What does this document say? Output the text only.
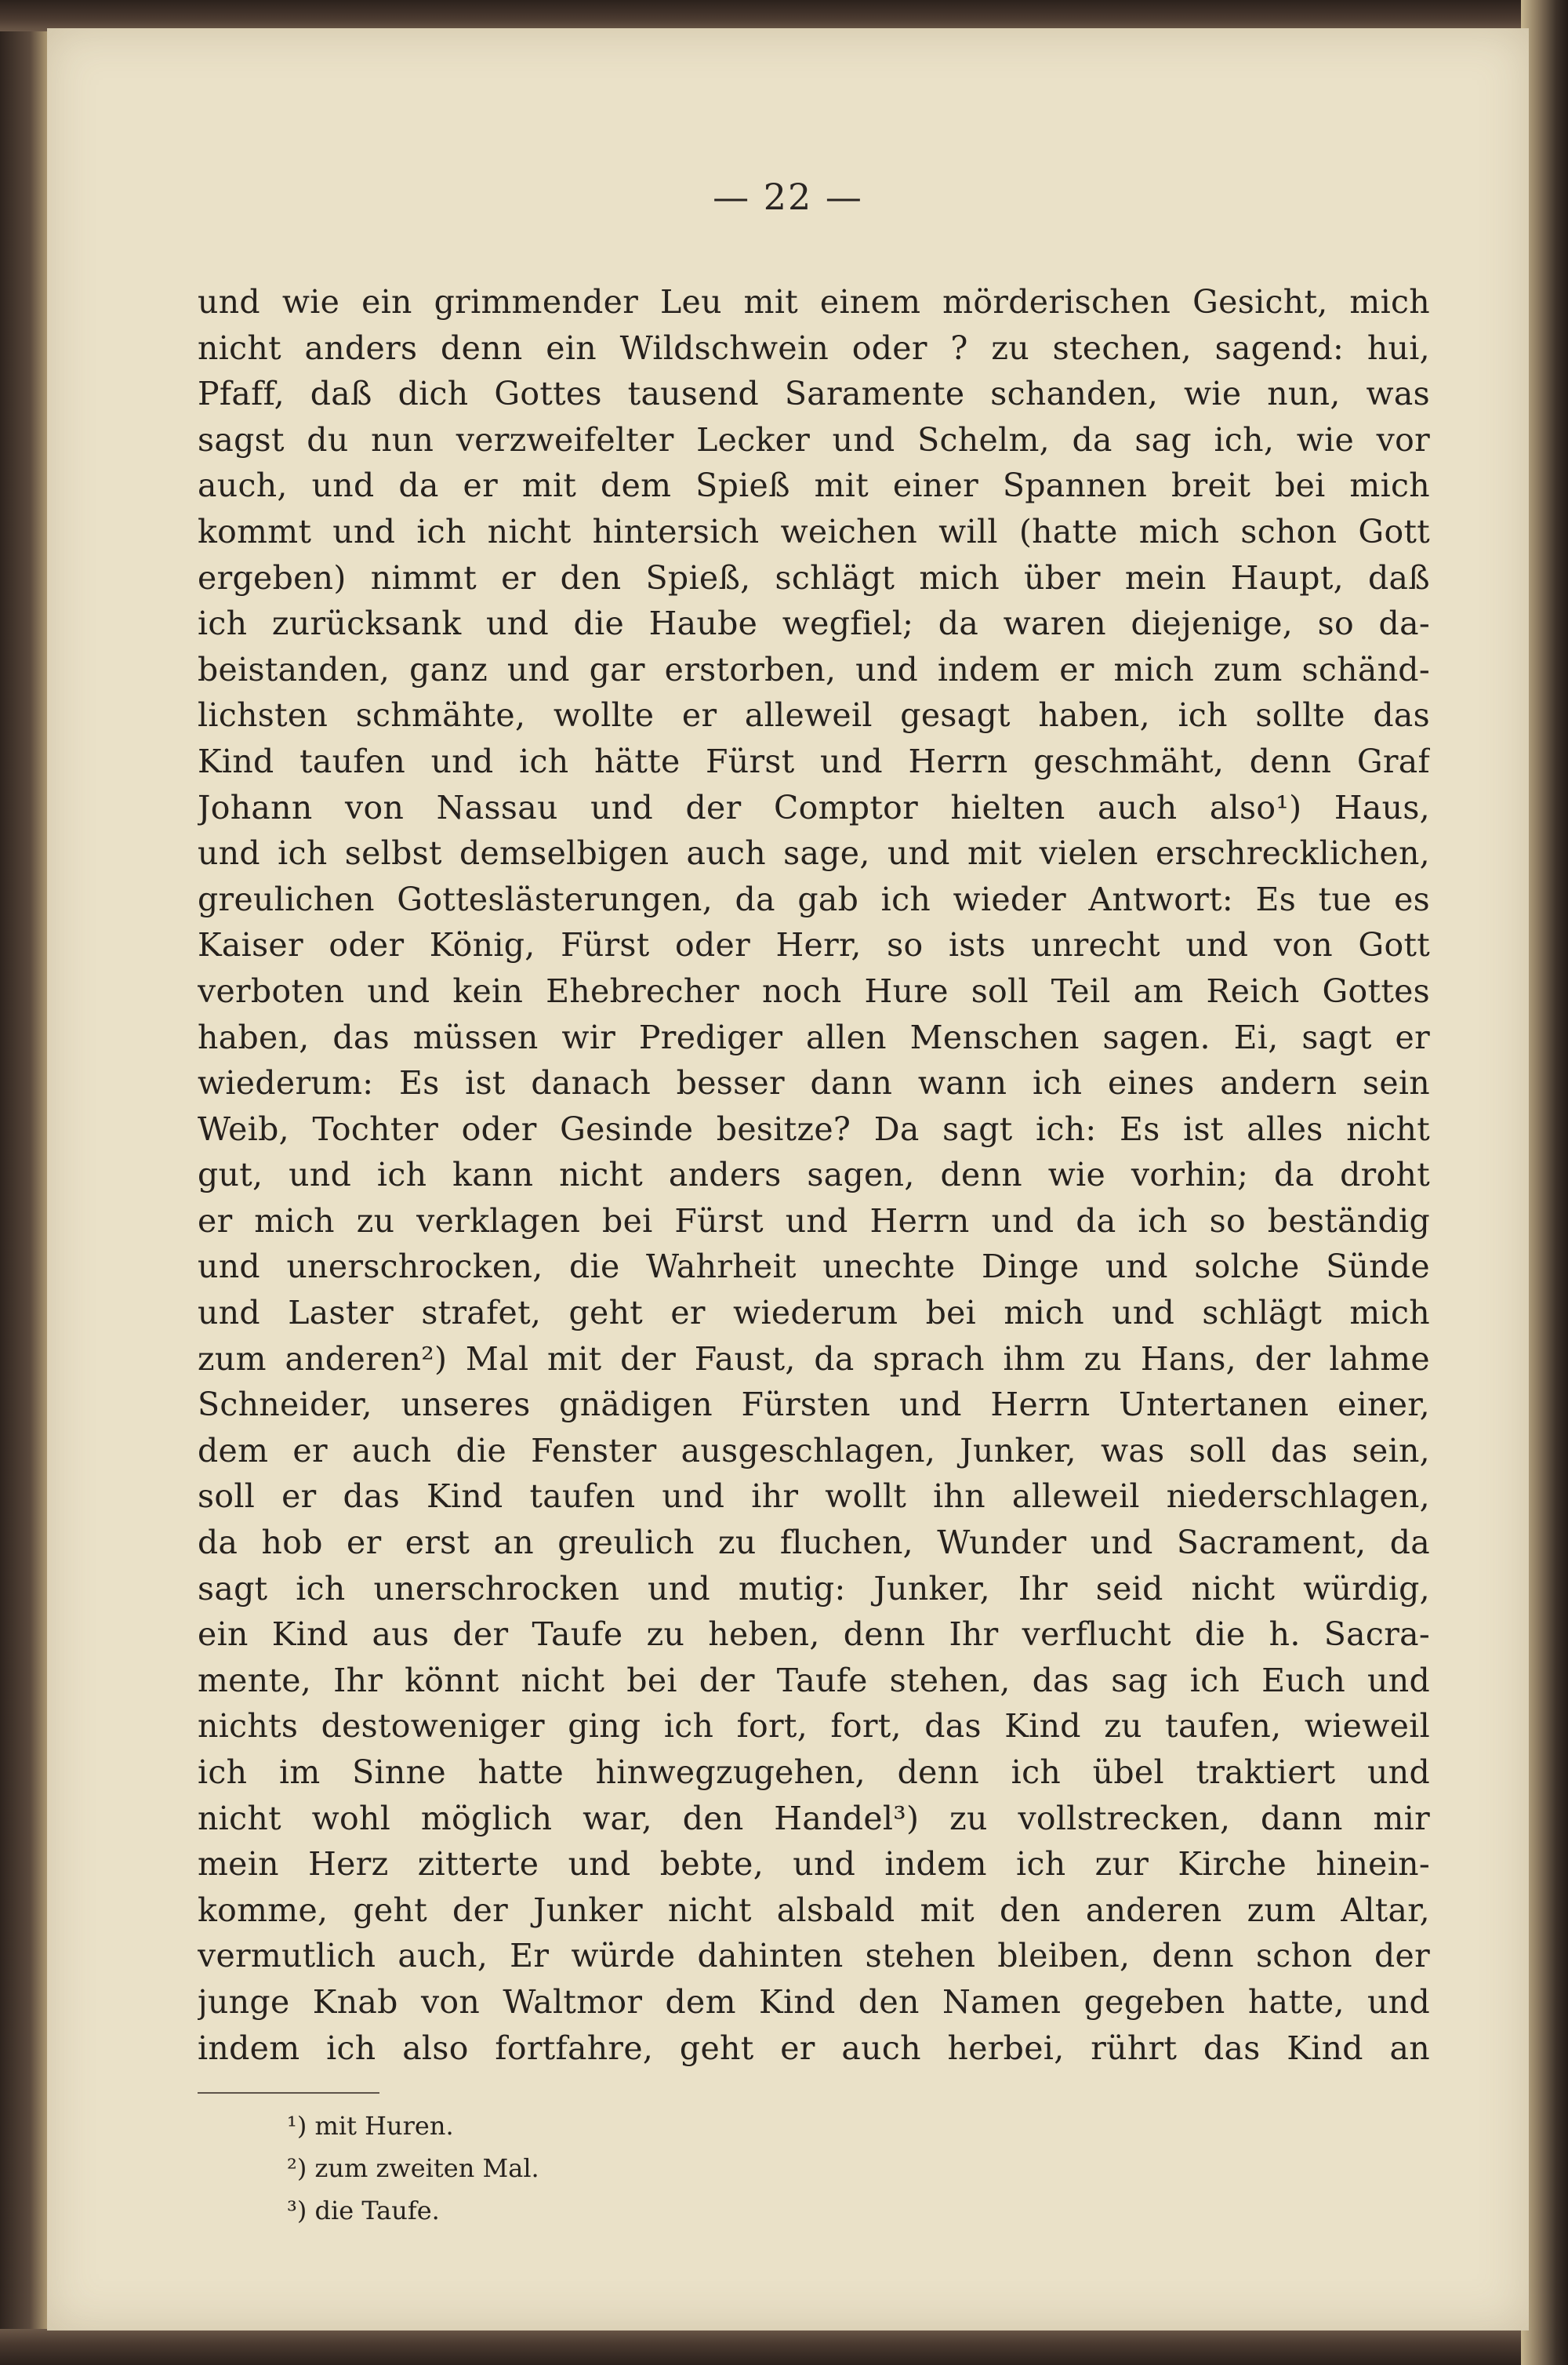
— 22 —
und wie ein grimmender Leu mit einem mörderischen Gesicht, mich
nicht anders denn ein Wildschwein oder ? zu stechen, sagend: hui,
Pfaff, daß dich Gottes tausend Saramente schanden, wie nun, was
sagst du nun verzweifelter Lecker und Schelm, da sag ich, wie vor
auch, und da er mit dem Spieß mit einer Spannen breit bei mich
kommt und ich nicht hintersich weichen will (hatte mich schon Gott
ergeben) nimmt er den Spieß, schlägt mich über mein Haupt, daß
ich zurücksank und die Haube wegfiel; da waren diejenige, so da-
beistanden, ganz und gar erstorben, und indem er mich zum schänd-
lichsten schmähte, wollte er alleweil gesagt haben, ich sollte das
Kind taufen und ich hätte Fürst und Herrn geschmäht, denn Graf
Johann von Nassau und der Comptor hielten auch also¹) Haus,
und ich selbst demselbigen auch sage, und mit vielen erschrecklichen,
greulichen Gotteslästerungen, da gab ich wieder Antwort: Es tue es
Kaiser oder König, Fürst oder Herr, so ists unrecht und von Gott
verboten und kein Ehebrecher noch Hure soll Teil am Reich Gottes
haben, das müssen wir Prediger allen Menschen sagen. Ei, sagt er
wiederum: Es ist danach besser dann wann ich eines andern sein
Weib, Tochter oder Gesinde besitze? Da sagt ich: Es ist alles nicht
gut, und ich kann nicht anders sagen, denn wie vorhin; da droht
er mich zu verklagen bei Fürst und Herrn und da ich so beständig
und unerschrocken, die Wahrheit unechte Dinge und solche Sünde
und Laster strafet, geht er wiederum bei mich und schlägt mich
zum anderen²) Mal mit der Faust, da sprach ihm zu Hans, der lahme
Schneider, unseres gnädigen Fürsten und Herrn Untertanen einer,
dem er auch die Fenster ausgeschlagen, Junker, was soll das sein,
soll er das Kind taufen und ihr wollt ihn alleweil niederschlagen,
da hob er erst an greulich zu fluchen, Wunder und Sacrament, da
sagt ich unerschrocken und mutig: Junker, Ihr seid nicht würdig,
ein Kind aus der Taufe zu heben, denn Ihr verflucht die h. Sacra-
mente, Ihr könnt nicht bei der Taufe stehen, das sag ich Euch und
nichts destoweniger ging ich fort, fort, das Kind zu taufen, wieweil
ich im Sinne hatte hinwegzugehen, denn ich übel traktiert und
nicht wohl möglich war, den Handel³) zu vollstrecken, dann mir
mein Herz zitterte und bebte, und indem ich zur Kirche hinein-
komme, geht der Junker nicht alsbald mit den anderen zum Altar,
vermutlich auch, Er würde dahinten stehen bleiben, denn schon der
junge Knab von Waltmor dem Kind den Namen gegeben hatte, und
indem ich also fortfahre, geht er auch herbei, rührt das Kind an
¹) mit Huren.
²) zum zweiten Mal.
³) die Taufe.
